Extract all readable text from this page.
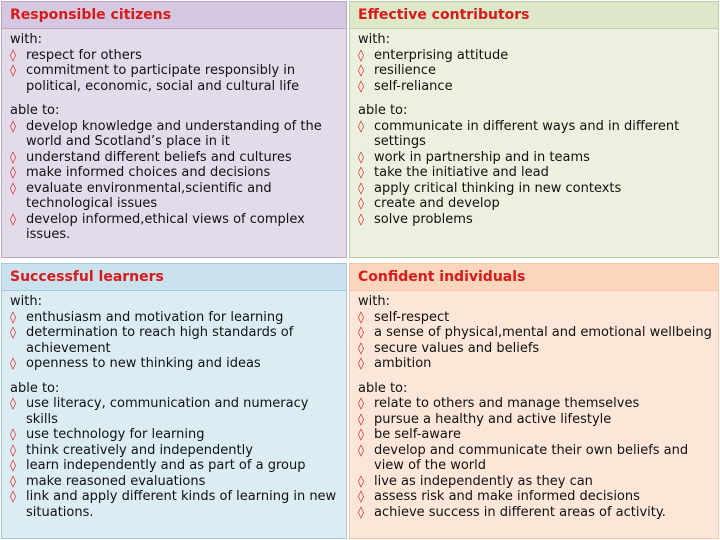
Responsible citizens

with:

◊ respect for others
◊ commitment to participate responsibly in political, economic, social and cultural life

able to:

◊ develop knowledge and understanding of the world and Scotland’s place in it
◊ understand different beliefs and cultures
◊ make informed choices and decisions
◊ evaluate environmental,scientific and technological issues
◊ develop informed,ethical views of complex issues.
Effective contributors

with:

◊ enterprising attitude
◊ resilience
◊ self-reliance

able to:

◊ communicate in different ways and in different settings
◊ work in partnership and in teams
◊ take the initiative and lead
◊ apply critical thinking in new contexts
◊ create and develop
◊ solve problems
Successful learners

with:

◊ enthusiasm and motivation for learning
◊ determination to reach high standards of achievement
◊ openness to new thinking and ideas

able to:

◊ use literacy, communication and numeracy skills
◊ use technology for learning
◊ think creatively and independently
◊ learn independently and as part of a group
◊ make reasoned evaluations
◊ link and apply different kinds of learning in new situations.
Confident individuals

with:

◊ self-respect
◊ a sense of physical,mental and emotional wellbeing
◊ secure values and beliefs
◊ ambition

able to:

◊ relate to others and manage themselves
◊ pursue a healthy and active lifestyle
◊ be self-aware
◊ develop and communicate their own beliefs and view of the world
◊ live as independently as they can
◊ assess risk and make informed decisions
◊ achieve success in different areas of activity.
